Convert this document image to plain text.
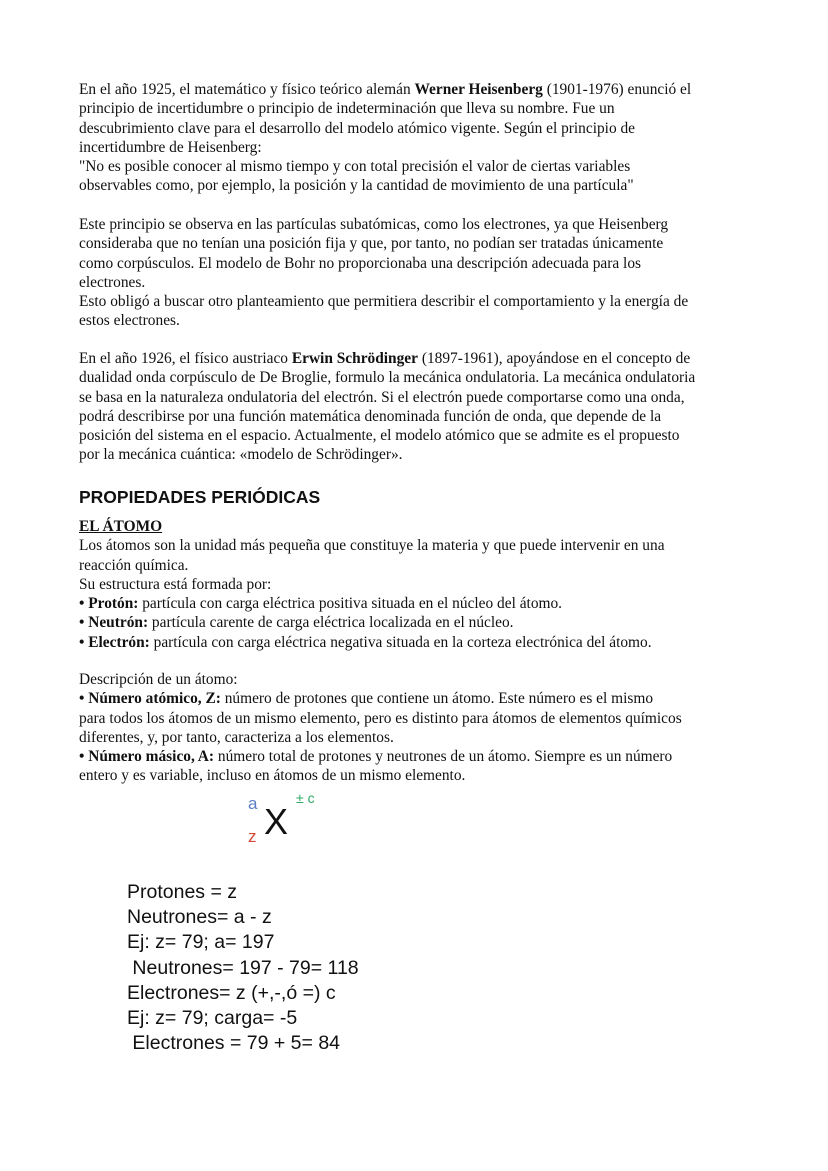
En el año 1925, el matemático y físico teórico alemán Werner Heisenberg (1901-1976) enunció el
principio de incertidumbre o principio de indeterminación que lleva su nombre. Fue un
descubrimiento clave para el desarrollo del modelo atómico vigente. Según el principio de
incertidumbre de Heisenberg:
"No es posible conocer al mismo tiempo y con total precisión el valor de ciertas variables
observables como, por ejemplo, la posición y la cantidad de movimiento de una partícula"
Este principio se observa en las partículas subatómicas, como los electrones, ya que Heisenberg
consideraba que no tenían una posición fija y que, por tanto, no podían ser tratadas únicamente
como corpúsculos. El modelo de Bohr no proporcionaba una descripción adecuada para los
electrones.
Esto obligó a buscar otro planteamiento que permitiera describir el comportamiento y la energía de
estos electrones.
En el año 1926, el físico austriaco Erwin Schrödinger (1897-1961), apoyándose en el concepto de
dualidad onda corpúsculo de De Broglie, formulo la mecánica ondulatoria. La mecánica ondulatoria
se basa en la naturaleza ondulatoria del electrón. Si el electrón puede comportarse como una onda,
podrá describirse por una función matemática denominada función de onda, que depende de la
posición del sistema en el espacio. Actualmente, el modelo atómico que se admite es el propuesto
por la mecánica cuántica: «modelo de Schrödinger».
PROPIEDADES PERIÓDICAS
EL ÁTOMO
Los átomos son la unidad más pequeña que constituye la materia y que puede intervenir en una
reacción química.
Su estructura está formada por:
• Protón: partícula con carga eléctrica positiva situada en el núcleo del átomo.
• Neutrón: partícula carente de carga eléctrica localizada en el núcleo.
• Electrón: partícula con carga eléctrica negativa situada en la corteza electrónica del átomo.
Descripción de un átomo:
• Número atómico, Z: número de protones que contiene un átomo. Este número es el mismo
para todos los átomos de un mismo elemento, pero es distinto para átomos de elementos químicos
diferentes, y, por tanto, caracteriza a los elementos.
• Número másico, A: número total de protones y neutrones de un átomo. Siempre es un número
entero y es variable, incluso en átomos de un mismo elemento.
a
z X
± c
Protones = z
Neutrones= a - z
Ej: z= 79; a= 197
Neutrones= 197 - 79= 118
Electrones= z (+,-,ó =) c
Ej: z= 79; carga= -5
Electrones = 79 + 5= 84
